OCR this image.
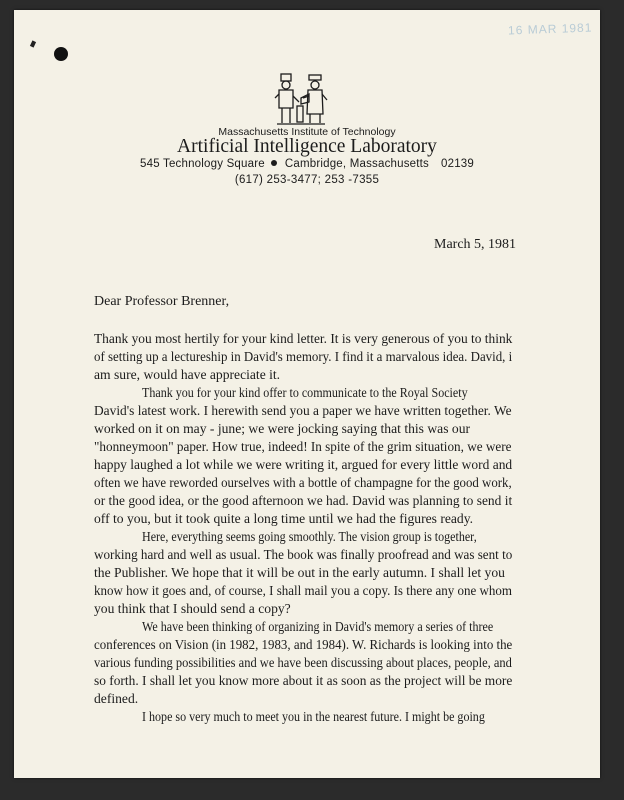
16 MAR 1981
Massachusetts Institute of Technology
Artificial Intelligence Laboratory
545 Technology Square Cambridge, Massachusetts 02139
(617) 253-3477; 253 -7355
March 5, 1981
Dear Professor Brenner,
Thank you most hertily for your kind letter. It is very generous of you to think
of setting up a lectureship in David's memory. I find it a marvalous idea. David, i
am sure, would have appreciate it.
Thank you for your kind offer to communicate to the Royal Society
David's latest work. I herewith send you a paper we have written together. We
worked on it on may - june; we were jocking saying that this was our
"honneymoon" paper. How true, indeed! In spite of the grim situation, we were
happy laughed a lot while we were writing it, argued for every little word and
often we have reworded ourselves with a bottle of champagne for the good work,
or the good idea, or the good afternoon we had. David was planning to send it
off to you, but it took quite a long time until we had the figures ready.
Here, everything seems going smoothly. The vision group is together,
working hard and well as usual. The book was finally proofread and was sent to
the Publisher. We hope that it will be out in the early autumn. I shall let you
know how it goes and, of course, I shall mail you a copy. Is there any one whom
you think that I should send a copy?
We have been thinking of organizing in David's memory a series of three
conferences on Vision (in 1982, 1983, and 1984). W. Richards is looking into the
various funding possibilities and we have been discussing about places, people, and
so forth. I shall let you know more about it as soon as the project will be more
defined.
I hope so very much to meet you in the nearest future. I might be going
